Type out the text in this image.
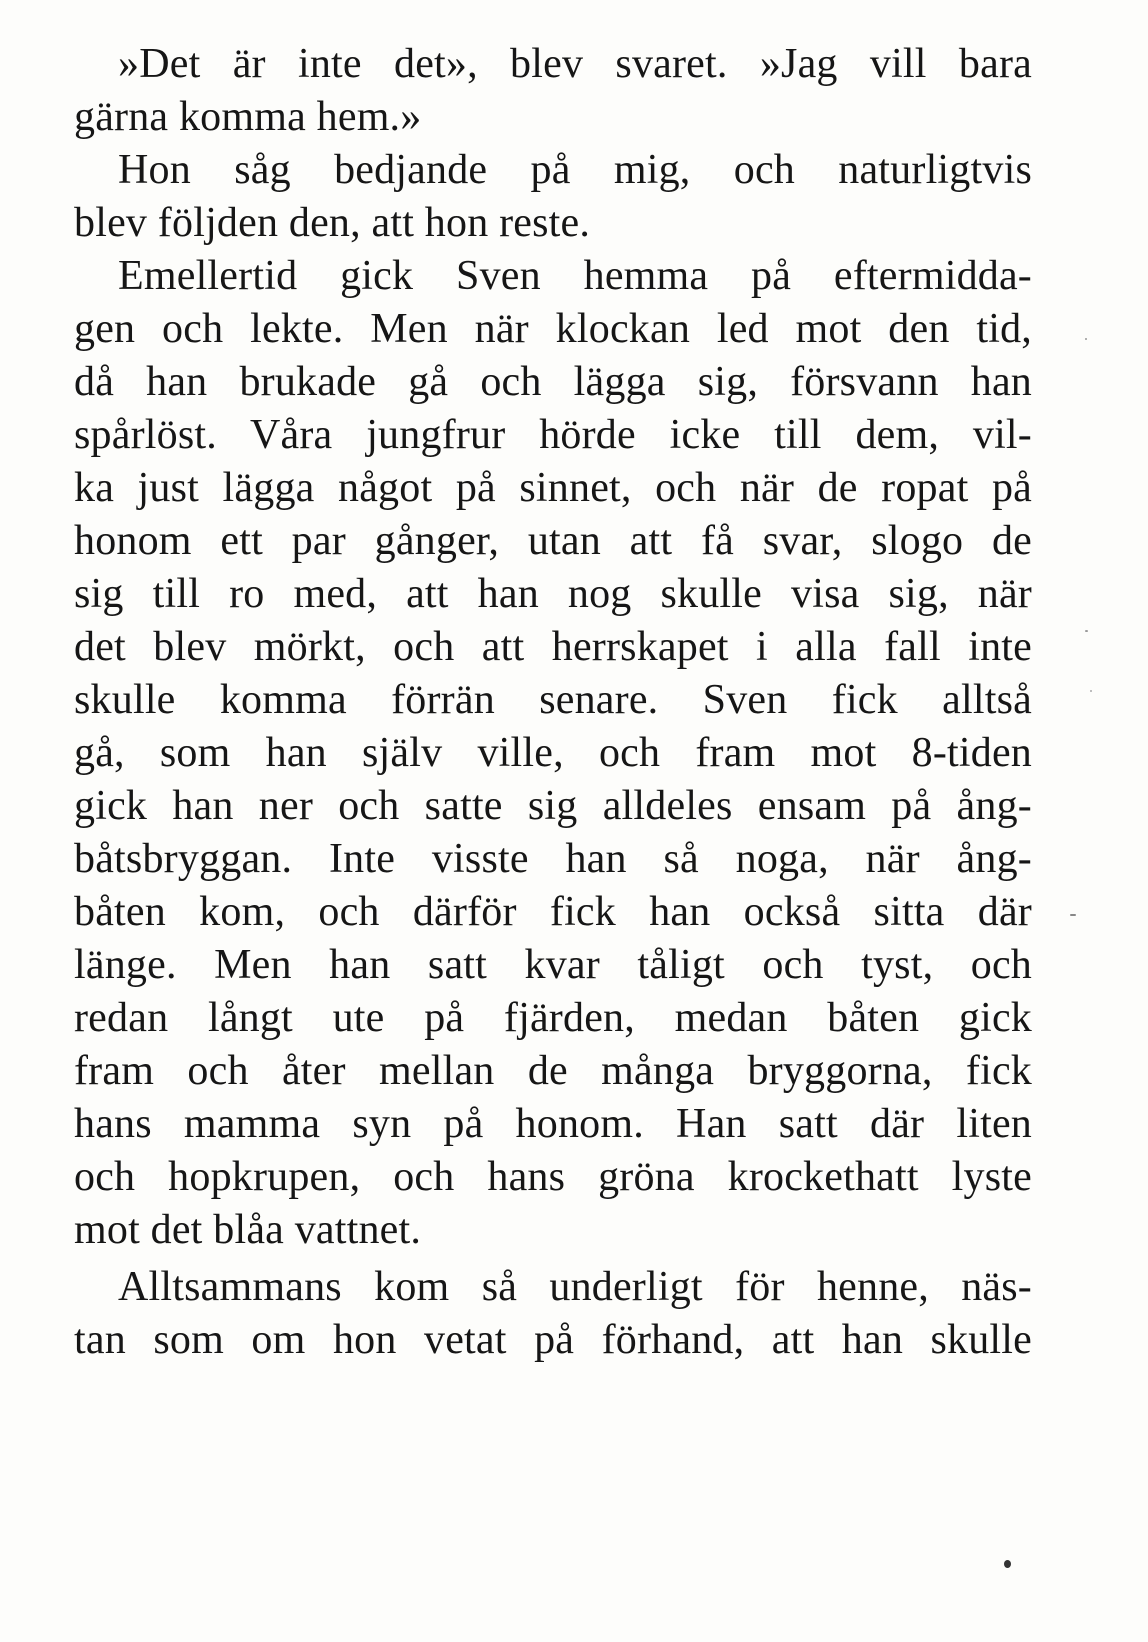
»Det är inte det», blev svaret. »Jag vill bara
gärna komma hem.»
Hon såg bedjande på mig, och naturligtvis
blev följden den, att hon reste.
Emellertid gick Sven hemma på eftermidda-
gen och lekte. Men när klockan led mot den tid,
då han brukade gå och lägga sig, försvann han
spårlöst. Våra jungfrur hörde icke till dem, vil-
ka just lägga något på sinnet, och när de ropat på
honom ett par gånger, utan att få svar, slogo de
sig till ro med, att han nog skulle visa sig, när
det blev mörkt, och att herrskapet i alla fall inte
skulle komma förrän senare. Sven fick alltså
gå, som han själv ville, och fram mot 8-tiden
gick han ner och satte sig alldeles ensam på ång-
båtsbryggan. Inte visste han så noga, när ång-
båten kom, och därför fick han också sitta där
länge. Men han satt kvar tåligt och tyst, och
redan långt ute på fjärden, medan båten gick
fram och åter mellan de många bryggorna, fick
hans mamma syn på honom. Han satt där liten
och hopkrupen, och hans gröna krockethatt lyste
mot det blåa vattnet.
Alltsammans kom så underligt för henne, näs-
tan som om hon vetat på förhand, att han skulle
